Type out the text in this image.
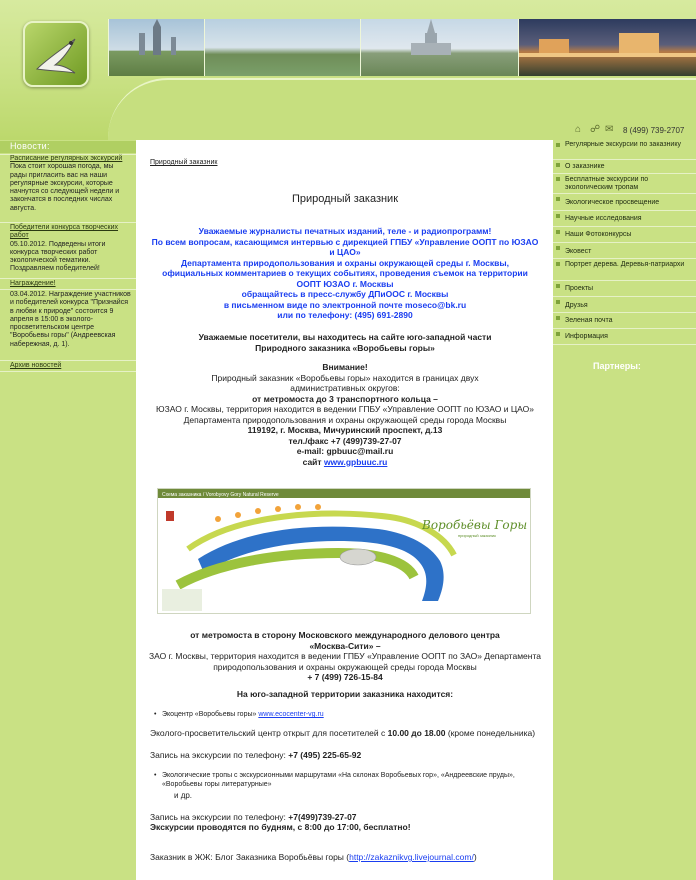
⌂ ☍ ✉ 8 (499) 739-2707
Новости:
Расписание регулярных экскурсий
Пока стоит хорошая погода, мы рады пригласить вас на наши регулярные экскурсии, которые начнутся со следующей недели и закончатся в последних числах августа.
Победители конкурса творческих работ
05.10.2012. Подведены итоги конкурса творческих работ экологической тематики. Поздравляем победителей!
Награждение!
03.04.2012. Награждение участников и победителей конкурса "Признайся в любви к природе" состоится 9 апреля в 15:00 в эколого-просветительском центре "Воробьевы горы" (Андреевская набережная, д. 1).
Архив новостей
Природный заказник
Природный заказник
Уважаемые журналисты печатных изданий, теле - и радиопрограмм!
По всем вопросам, касающимся интервью с дирекцией ГПБУ «Управление ООПТ по ЮЗАО и ЦАО»
Департамента природопользования и охраны окружающей среды г. Москвы, официальных комментариев о текущих событиях, проведения съемок на территории ООПТ ЮЗАО г. Москвы
обращайтесь в пресс-службу ДПиООС г. Москвы
в письменном виде по электронной почте moseco@bk.ru
или по телефону: (495) 691-2890
Уважаемые посетители, вы находитесь на сайте юго-западной части Природного заказника «Воробьевы горы»
Внимание!
Природный заказник «Воробьевы горы» находится в границах двух административных округов:
от метромоста до 3 транспортного кольца –
ЮЗАО г. Москвы, территория находится в ведении ГПБУ «Управление ООПТ по ЮЗАО и ЦАО» Департамента природопользования и охраны окружающей среды города Москвы
119192, г. Москва, Мичуринский проспект, д.13
тел./факс +7 (499)739-27-07
e-mail: gpbuuc@mail.ru
сайт www.gpbuuc.ru
Схема заказника / Vorobyovy Gory Natural Reserve
Воробьёвы Горы
природный заказник
от метромоста в сторону Московского международного делового центра «Москва-Сити» –
ЗАО г. Москвы, территория находится в ведении ГПБУ «Управление ООПТ по ЗАО» Департамента природопользования и охраны окружающей среды города Москвы
+ 7 (499) 726-15-84
На юго-западной территории заказника находится:
• Экоцентр «Воробьевы горы» www.ecocenter-vg.ru
Эколого-просветительский центр открыт для посетителей с 10.00 до 18.00 (кроме понедельника)
Запись на экскурсии по телефону: +7 (495) 225-65-92
• Экологические тропы с экскурсионными маршрутами «На склонах Воробьевых гор», «Андреевские пруды», «Воробьевы горы литературные»
и др.
Запись на экскурсии по телефону: +7(499)739-27-07
Экскурсии проводятся по будням, с 8:00 до 17:00, бесплатно!
Заказник в ЖЖ: Блог Заказника Воробьёвы горы (http://zakaznikvg.livejournal.com/)
Регулярные экскурсии по заказнику
О заказнике
Бесплатные экскурсии по экологическим тропам
Экологическое просвещение
Научные исследования
Наши Фотоконкурсы
Эковест
Портрет дерева. Деревья-патриархи
Проекты
Друзья
Зеленая почта
Информация
Партнеры:
